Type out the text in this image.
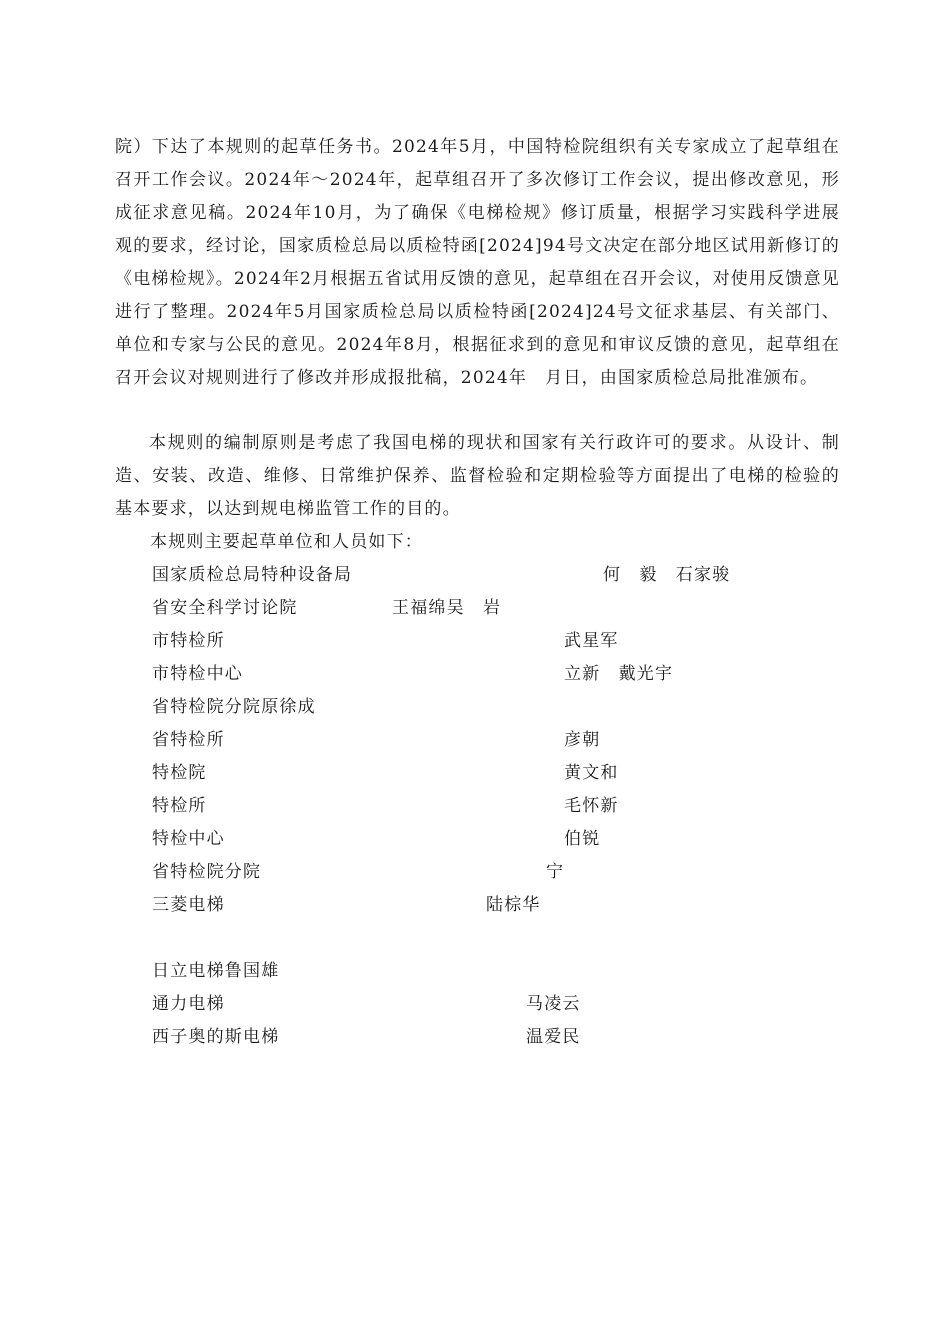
院）下达了本规则的起草任务书。2024年5月，中国特检院组织有关专家成立了起草组在召开工作会议。2024年～2024年，起草组召开了多次修订工作会议，提出修改意见，形成征求意见稿。2024年10月，为了确保《电梯检规》修订质量，根据学习实践科学进展观的要求，经讨论，国家质检总局以质检特函[2024]94号文决定在部分地区试用新修订的《电梯检规》。2024年2月根据五省试用反馈的意见，起草组在召开会议，对使用反馈意见进行了整理。2024年5月国家质检总局以质检特函[2024]24号文征求基层、有关部门、单位和专家与公民的意见。2024年8月，根据征求到的意见和审议反馈的意见，起草组在召开会议对规则进行了修改并形成报批稿，2024年　月日，由国家质检总局批准颁布。

本规则的编制原则是考虑了我国电梯的现状和国家有关行政许可的要求。从设计、制造、安装、改造、维修、日常维护保养、监督检验和定期检验等方面提出了电梯的检验的基本要求，以达到规电梯监管工作的目的。

本规则主要起草单位和人员如下：

国家质检总局特种设备局	何　毅　石家骏
省安全科学讨论院	王福绵吴　岩
市特检所	武星军
市特检中心	立新　戴光宇
省特检院分院原徐成
省特检所	彦朝
特检院	黄文和
特检所	毛怀新
特检中心	伯锐
省特检院分院	宁
三菱电梯	陆棕华
日立电梯鲁国雄
通力电梯	马凌云
西子奥的斯电梯	温爱民
